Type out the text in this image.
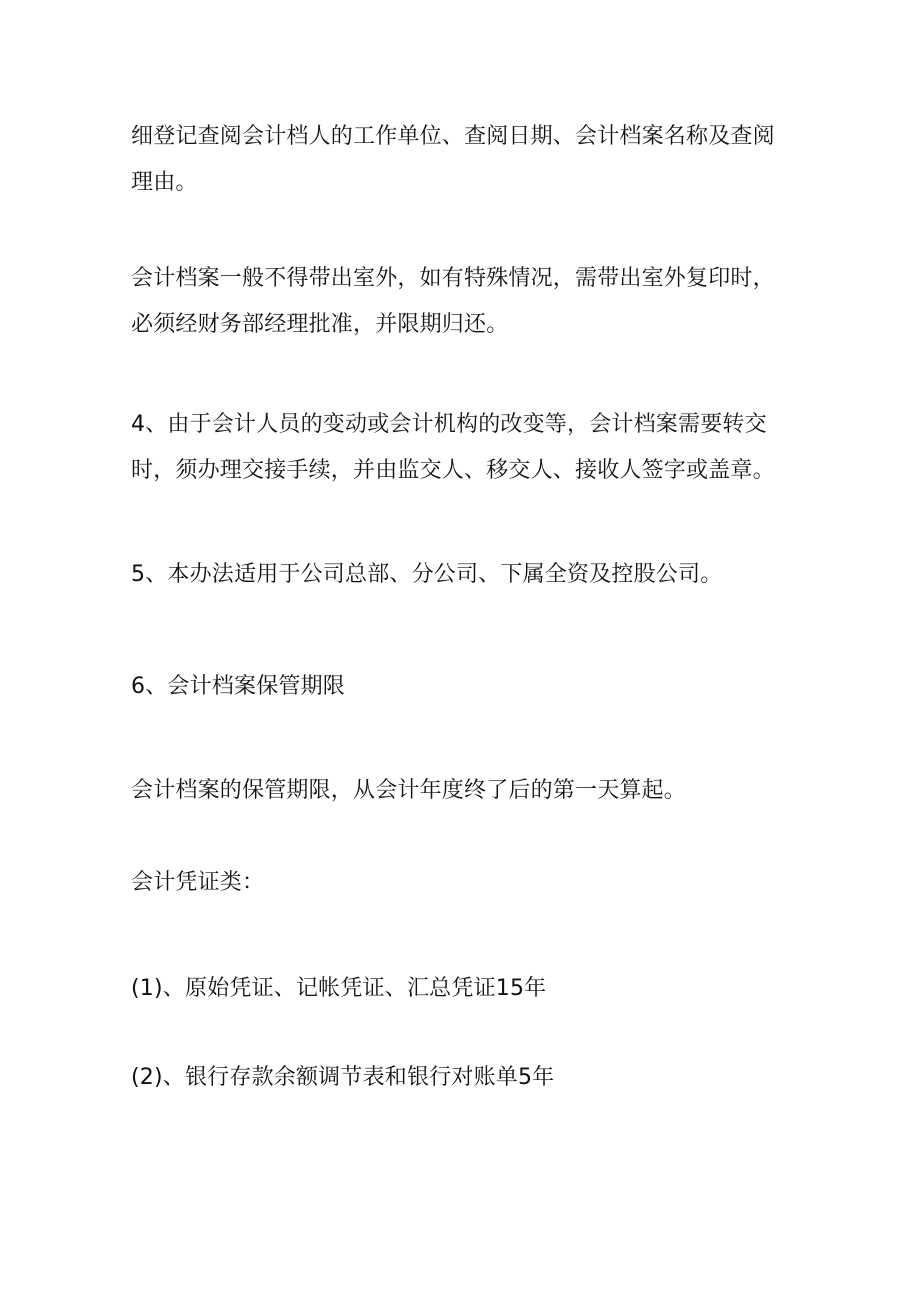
细登记查阅会计档人的工作单位、查阅日期、会计档案名称及查阅
理由。

会计档案一般不得带出室外，如有特殊情况，需带出室外复印时，
必须经财务部经理批准，并限期归还。

4、由于会计人员的变动或会计机构的改变等，会计档案需要转交
时，须办理交接手续，并由监交人、移交人、接收人签字或盖章。

5、本办法适用于公司总部、分公司、下属全资及控股公司。

6、会计档案保管期限

会计档案的保管期限，从会计年度终了后的第一天算起。

会计凭证类：

(1)、原始凭证、记帐凭证、汇总凭证15年

(2)、银行存款余额调节表和银行对账单5年
